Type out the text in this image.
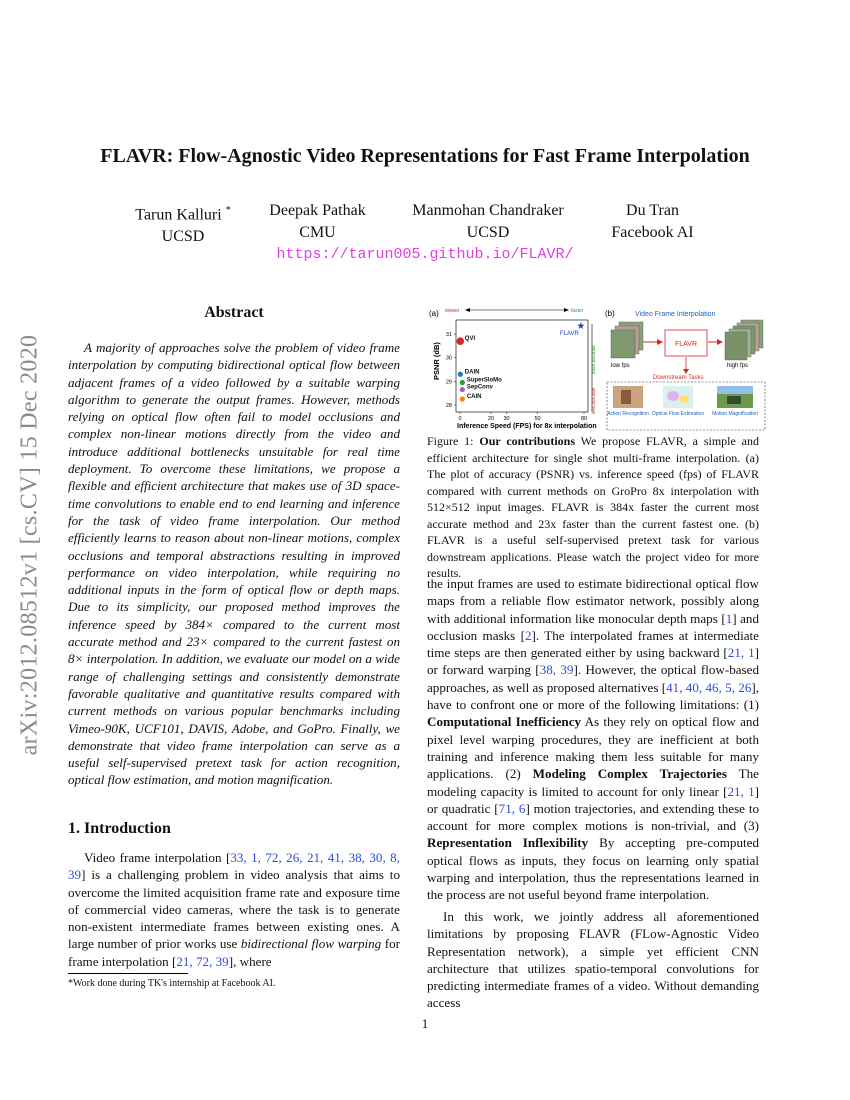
arXiv:2012.08512v1 [cs.CV] 15 Dec 2020
FLAVR: Flow-Agnostic Video Representations for Fast Frame Interpolation
Tarun Kalluri *
UCSD
Deepak Pathak
CMU
Manmohan Chandraker
UCSD
Du Tran
Facebook AI
https://tarun005.github.io/FLAVR/
Abstract
A majority of approaches solve the problem of video frame interpolation by computing bidirectional optical flow between adjacent frames of a video followed by a suitable warping algorithm to generate the output frames. However, methods relying on optical flow often fail to model occlusions and complex non-linear motions directly from the video and introduce additional bottlenecks unsuitable for real time deployment. To overcome these limitations, we propose a flexible and efficient architecture that makes use of 3D space-time convolutions to enable end to end learning and inference for the task of video frame interpolation. Our method efficiently learns to reason about non-linear motions, complex occlusions and temporal abstractions resulting in improved performance on video interpolation, while requiring no additional inputs in the form of optical flow or depth maps. Due to its simplicity, our proposed method improves the inference speed by 384× compared to the current most accurate method and 23× compared to the current fastest on 8× interpolation. In addition, we evaluate our model on a wide range of challenging settings and consistently demonstrate favorable qualitative and quantitative results compared with current methods on various popular benchmarks including Vimeo-90K, UCF101, DAVIS, Adobe, and GoPro. Finally, we demonstrate that video frame interpolation can serve as a useful self-supervised pretext task for action recognition, optical flow estimation, and motion magnification.
1. Introduction
Video frame interpolation [33, 1, 72, 26, 21, 41, 38, 30, 8, 39] is a challenging problem in video analysis that aims to overcome the limited acquisition frame rate and exposure time of commercial video cameras, where the task is to generate non-existent intermediate frames between existing ones. A large number of prior works use bidirectional flow warping for frame interpolation [21, 72, 39], where
*Work done during TK's internship at Facebook AI.
(a) slower	faster
0	20 30	50	80
28
29
30
31
QVI
DAIN
SuperSloMo
SepConv
CAIN
FLAVR
PSNR (dB)
Inference Speed (FPS) for 8x interpolation
more accurate
less accurate
(b)	Video Frame Interpolation
low fps
FLAVR
high fps
Downstream Tasks
Action Recognition Optical Flow Estimation Motion Magnification
Figure 1: Our contributions We propose FLAVR, a simple and efficient architecture for single shot multi-frame interpolation. (a) The plot of accuracy (PSNR) vs. inference speed (fps) of FLAVR compared with current methods on GroPro 8x interpolation with 512×512 input images. FLAVR is 384x faster the current most accurate method and 23x faster than the current fastest one. (b) FLAVR is a useful self-supervised pretext task for various downstream applications. Please watch the project video for more results.
the input frames are used to estimate bidirectional optical flow maps from a reliable flow estimator network, possibly along with additional information like monocular depth maps [1] and occlusion masks [2]. The interpolated frames at intermediate time steps are then generated either by using backward [21, 1] or forward warping [38, 39]. However, the optical flow-based approaches, as well as proposed alternatives [41, 40, 46, 5, 26], have to confront one or more of the following limitations: (1) Computational Inefficiency As they rely on optical flow and pixel level warping procedures, they are inefficient at both training and inference making them less suitable for many applications. (2) Modeling Complex Trajectories The modeling capacity is limited to account for only linear [21, 1] or quadratic [71, 6] motion trajectories, and extending these to account for more complex motions is non-trivial, and (3) Representation Inflexibility By accepting pre-computed optical flows as inputs, they focus on learning only spatial warping and interpolation, thus the representations learned in the process are not useful beyond frame interpolation.
In this work, we jointly address all aforementioned limitations by proposing FLAVR (FLow-Agnostic Video Representation network), a simple yet efficient CNN architecture that utilizes spatio-temporal convolutions for predicting intermediate frames of a video. Without demanding access
1
